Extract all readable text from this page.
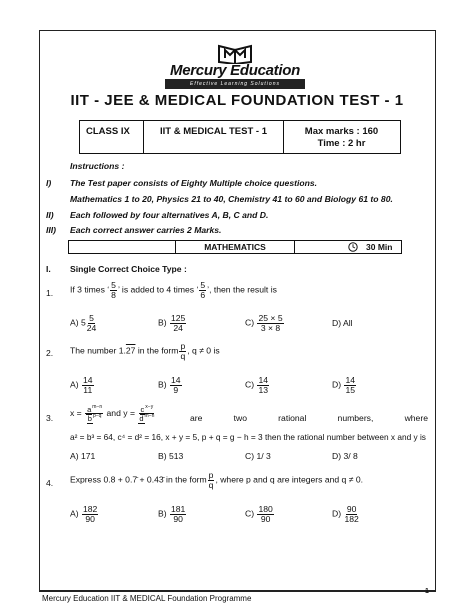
Mercury Education
Effective Learning Solutions
IIT - JEE & MEDICAL FOUNDATION TEST - 1
CLASS IX	IIT & MEDICAL TEST - 1	Max marks : 160
Time : 2 hr
Instructions :
I) The Test paper consists of Eighty Multiple choice questions.
Mathematics 1 to 20, Physics 21 to 40, Chemistry 41 to 60 and Biology 61 to 80.
II) Each followed by four alternatives A, B, C and D.
III) Each correct answer carries 2 Marks.
MATHEMATICS	30 Min
I. Single Correct Choice Type :
1. If 3 times ‘ $\frac{5}{8}$ ’ is added to 4 times ‘ $\frac{5}{6}$ ’, then the result is
A) $5 \frac{5}{24}$	$B) \frac{125}{24}$	$C) \frac{25 \times 5}{3 \times 8}$	D) All
2. The number 1.27 in the form $\frac{p}{q}$ , q ≠ 0 is
$A) \frac{14}{11}$	$B) \frac{14}{9}$	$C) \frac{14}{13}$	$D) \frac{14}{15}$
3.
$x = \frac{a^{m-n}}{b^{p-q}}$ and $y = \frac{c^{x-y}}{d^{m-n}}$	are	two	rational	numbers,	where
a² = b³ = 64, c⁴ = d² = 16, x + y = 5, p + q = g − h = 3 then the rational number between x and y is
A) 171	B) 513	C) 1/ 3	D) 3/ 8
4. Express 0.8 + 0.7̄ + 0.43̄ in the form $\frac{p}{q}$ , where p and q are integers and q ≠ 0.
$A) \frac{182}{90}$	$B) \frac{181}{90}$	$C) \frac{180}{90}$	$D) \frac{90}{182}$
Mercury Education IIT & MEDICAL Foundation Programme
1
